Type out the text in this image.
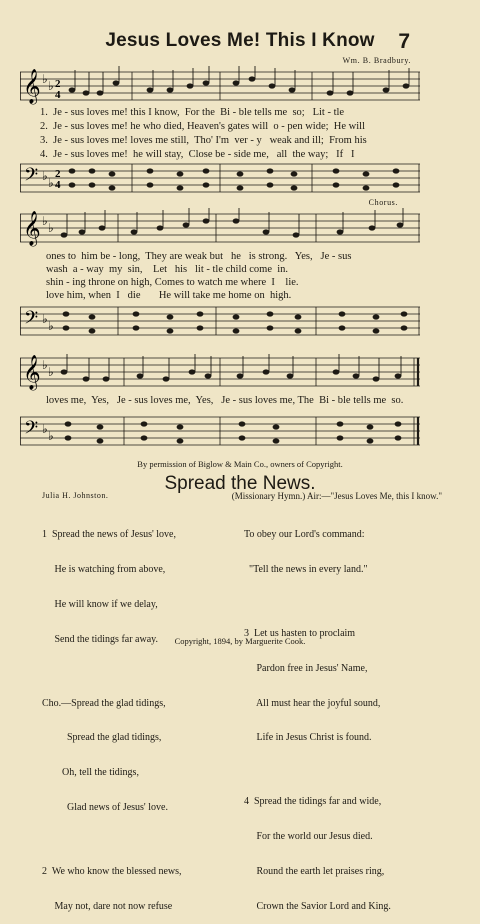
Jesus Loves Me! This I Know	7
Wm. B. Bradbury.
𝄞 ♭ ♭ 2
4
1.  Je - sus loves me! this I know,  For the  Bi - ble tells me  so;   Lit - tle
2.  Je - sus loves me! he who died, Heaven's gates will  o - pen wide;  He will
3.  Je - sus loves me! loves me still,  Tho' I'm  ver - y   weak and ill;  From his
4.  Je - sus loves me!  he will stay,  Close be - side me,   all  the way;   If   I
𝄢 ♭ ♭
2
4
Chorus.
𝄞 ♭ ♭
ones to  him be - long,  They are weak but   he   is strong.   Yes,   Je - sus
wash  a - way  my  sin,    Let   his   lit - tle child come  in.
shin - ing throne on high, Comes to watch me where  I    lie.
love him, when  I   die       He will take me home on  high.
𝄢 ♭ ♭
𝄞 ♭ ♭
loves me,  Yes,   Je - sus loves me,  Yes,   Je - sus loves me, The  Bi - ble tells me  so.
𝄢 ♭ ♭
By permission of Biglow & Main Co., owners of Copyright.
Spread the News.
Julia H. Johnston.	(Missionary Hymn.) Air:—"Jesus Loves Me, this I know."

1  Spread the news of Jesus' love,

He is watching from above,

He will know if we delay,

Send the tidings far away.

Cho.—Spread the glad tidings,

Spread the glad tidings,

Oh, tell the tidings,

Glad news of Jesus' love.

2  We who know the blessed news,

May not, dare not now refuse

To obey our Lord's command:

"Tell the news in every land."

3  Let us hasten to proclaim

Pardon free in Jesus' Name,

All must hear the joyful sound,

Life in Jesus Christ is found.

4  Spread the tidings far and wide,

For the world our Jesus died.

Round the earth let praises ring,

Crown the Savior Lord and King.

Copyright, 1894, by Marguerite Cook.
